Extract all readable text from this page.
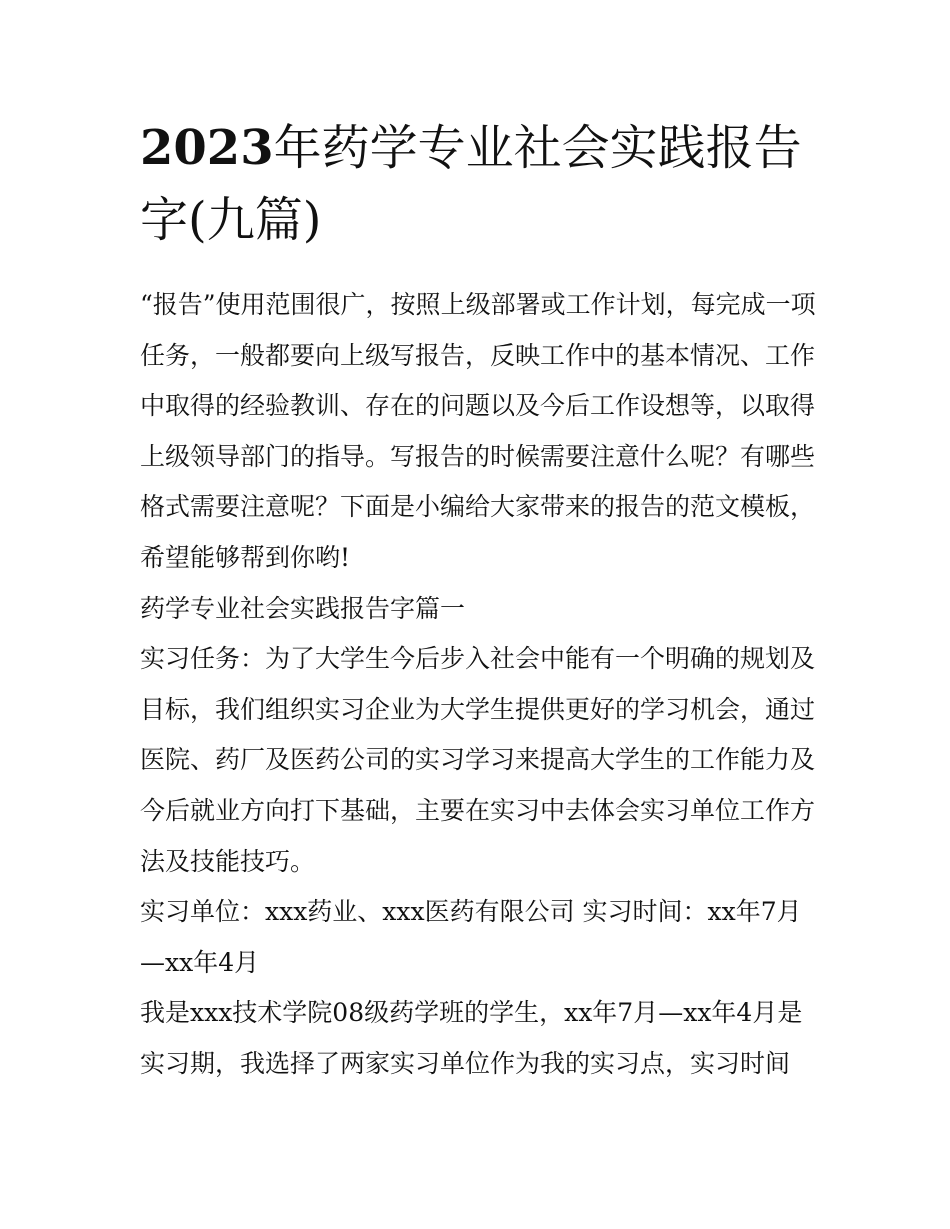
2023年药学专业社会实践报告字(九篇)

“报告”使用范围很广，按照上级部署或工作计划，每完成一项任务，一般都要向上级写报告，反映工作中的基本情况、工作中取得的经验教训、存在的问题以及今后工作设想等，以取得上级领导部门的指导。写报告的时候需要注意什么呢？有哪些格式需要注意呢？下面是小编给大家带来的报告的范文模板，希望能够帮到你哟!

药学专业社会实践报告字篇一

实习任务：为了大学生今后步入社会中能有一个明确的规划及目标，我们组织实习企业为大学生提供更好的学习机会，通过医院、药厂及医药公司的实习学习来提高大学生的工作能力及今后就业方向打下基础，主要在实习中去体会实习单位工作方法及技能技巧。

实习单位：xxx药业、xxx医药有限公司 实习时间：xx年7月—xx年4月

我是xxx技术学院08级药学班的学生，xx年7月—xx年4月是实习期，我选择了两家实习单位作为我的实习点，实习时间
